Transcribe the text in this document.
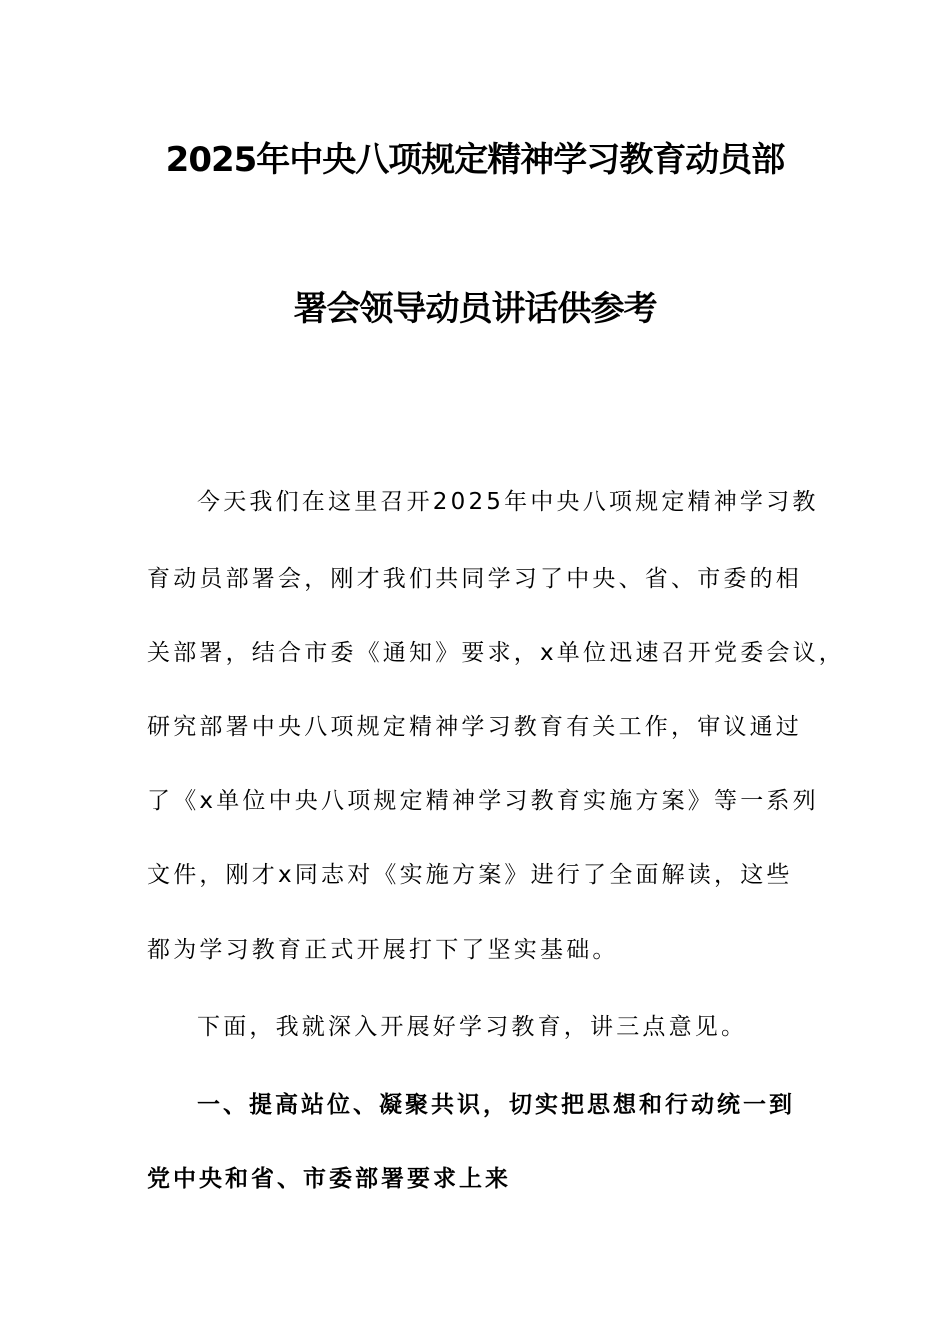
2025年中央八项规定精神学习教育动员部
署会领导动员讲话供参考
今天我们在这里召开2025年中央八项规定精神学习教
育动员部署会，刚才我们共同学习了中央、省、市委的相
关部署，结合市委《通知》要求，x单位迅速召开党委会议，
研究部署中央八项规定精神学习教育有关工作，审议通过
了《x单位中央八项规定精神学习教育实施方案》等一系列
文件，刚才x同志对《实施方案》进行了全面解读，这些
都为学习教育正式开展打下了坚实基础。
下面，我就深入开展好学习教育，讲三点意见。
一、提高站位、凝聚共识，切实把思想和行动统一到
党中央和省、市委部署要求上来
